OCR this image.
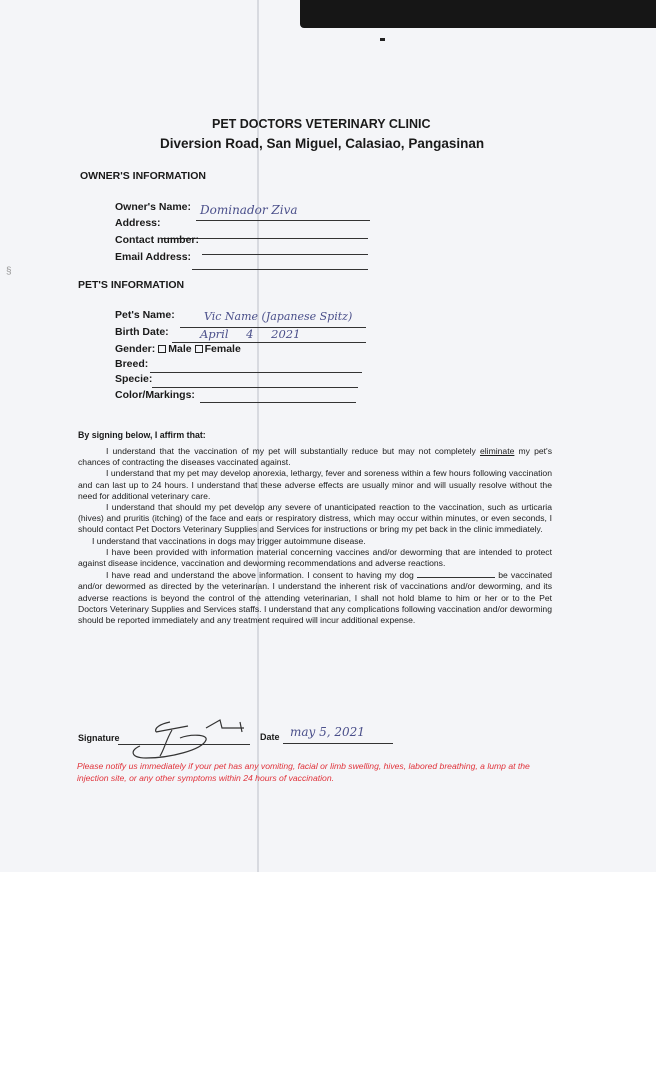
§
PET DOCTORS VETERINARY CLINIC
Diversion Road, San Miguel, Calasiao, Pangasinan
OWNER'S INFORMATION
Owner's Name: Dominador Ziva
Address:
Contact number:
Email Address:
PET'S INFORMATION
Pet's Name:	Vic Name (Japanese Spitz)
Birth Date:	April 4 2021
Gender: Male Female
Breed:
Specie:
Color/Markings:
By signing below, I affirm that:

I understand that the vaccination of my pet will substantially reduce but may not completely eliminate my pet's chances of contracting the diseases vaccinated against.

I understand that my pet may develop anorexia, lethargy, fever and soreness within a few hours following vaccination and can last up to 24 hours. I understand that these adverse effects are usually minor and will usually resolve without the need for additional veterinary care.

I understand that should my pet develop any severe of unanticipated reaction to the vaccination, such as urticaria (hives) and pruritis (itching) of the face and ears or respiratory distress, which may occur within minutes, or even seconds, I should contact Pet Doctors Veterinary Supplies and Services for instructions or bring my pet back in the clinic immediately.

I understand that vaccinations in dogs may trigger autoimmune disease.

I have been provided with information material concerning vaccines and/or deworming that are intended to protect against disease incidence, vaccination and deworming recommendations and adverse reactions.

I have read and understand the above information. I consent to having my dog	be vaccinated and/or dewormed as directed by the veterinarian. I understand the inherent risk of vaccinations and/or deworming, and its adverse reactions is beyond the control of the attending veterinarian, I shall not hold blame to him or her or to the Pet Doctors Veterinary Supplies and Services staffs. I understand that any complications following vaccination and/or deworming should be reported immediately and any treatment required will incur additional expense.

Signature	Date may 5, 2021
Please notify us immediately if your pet has any vomiting, facial or limb swelling, hives, labored breathing, a lump at the injection site, or any other symptoms within 24 hours of vaccination.
